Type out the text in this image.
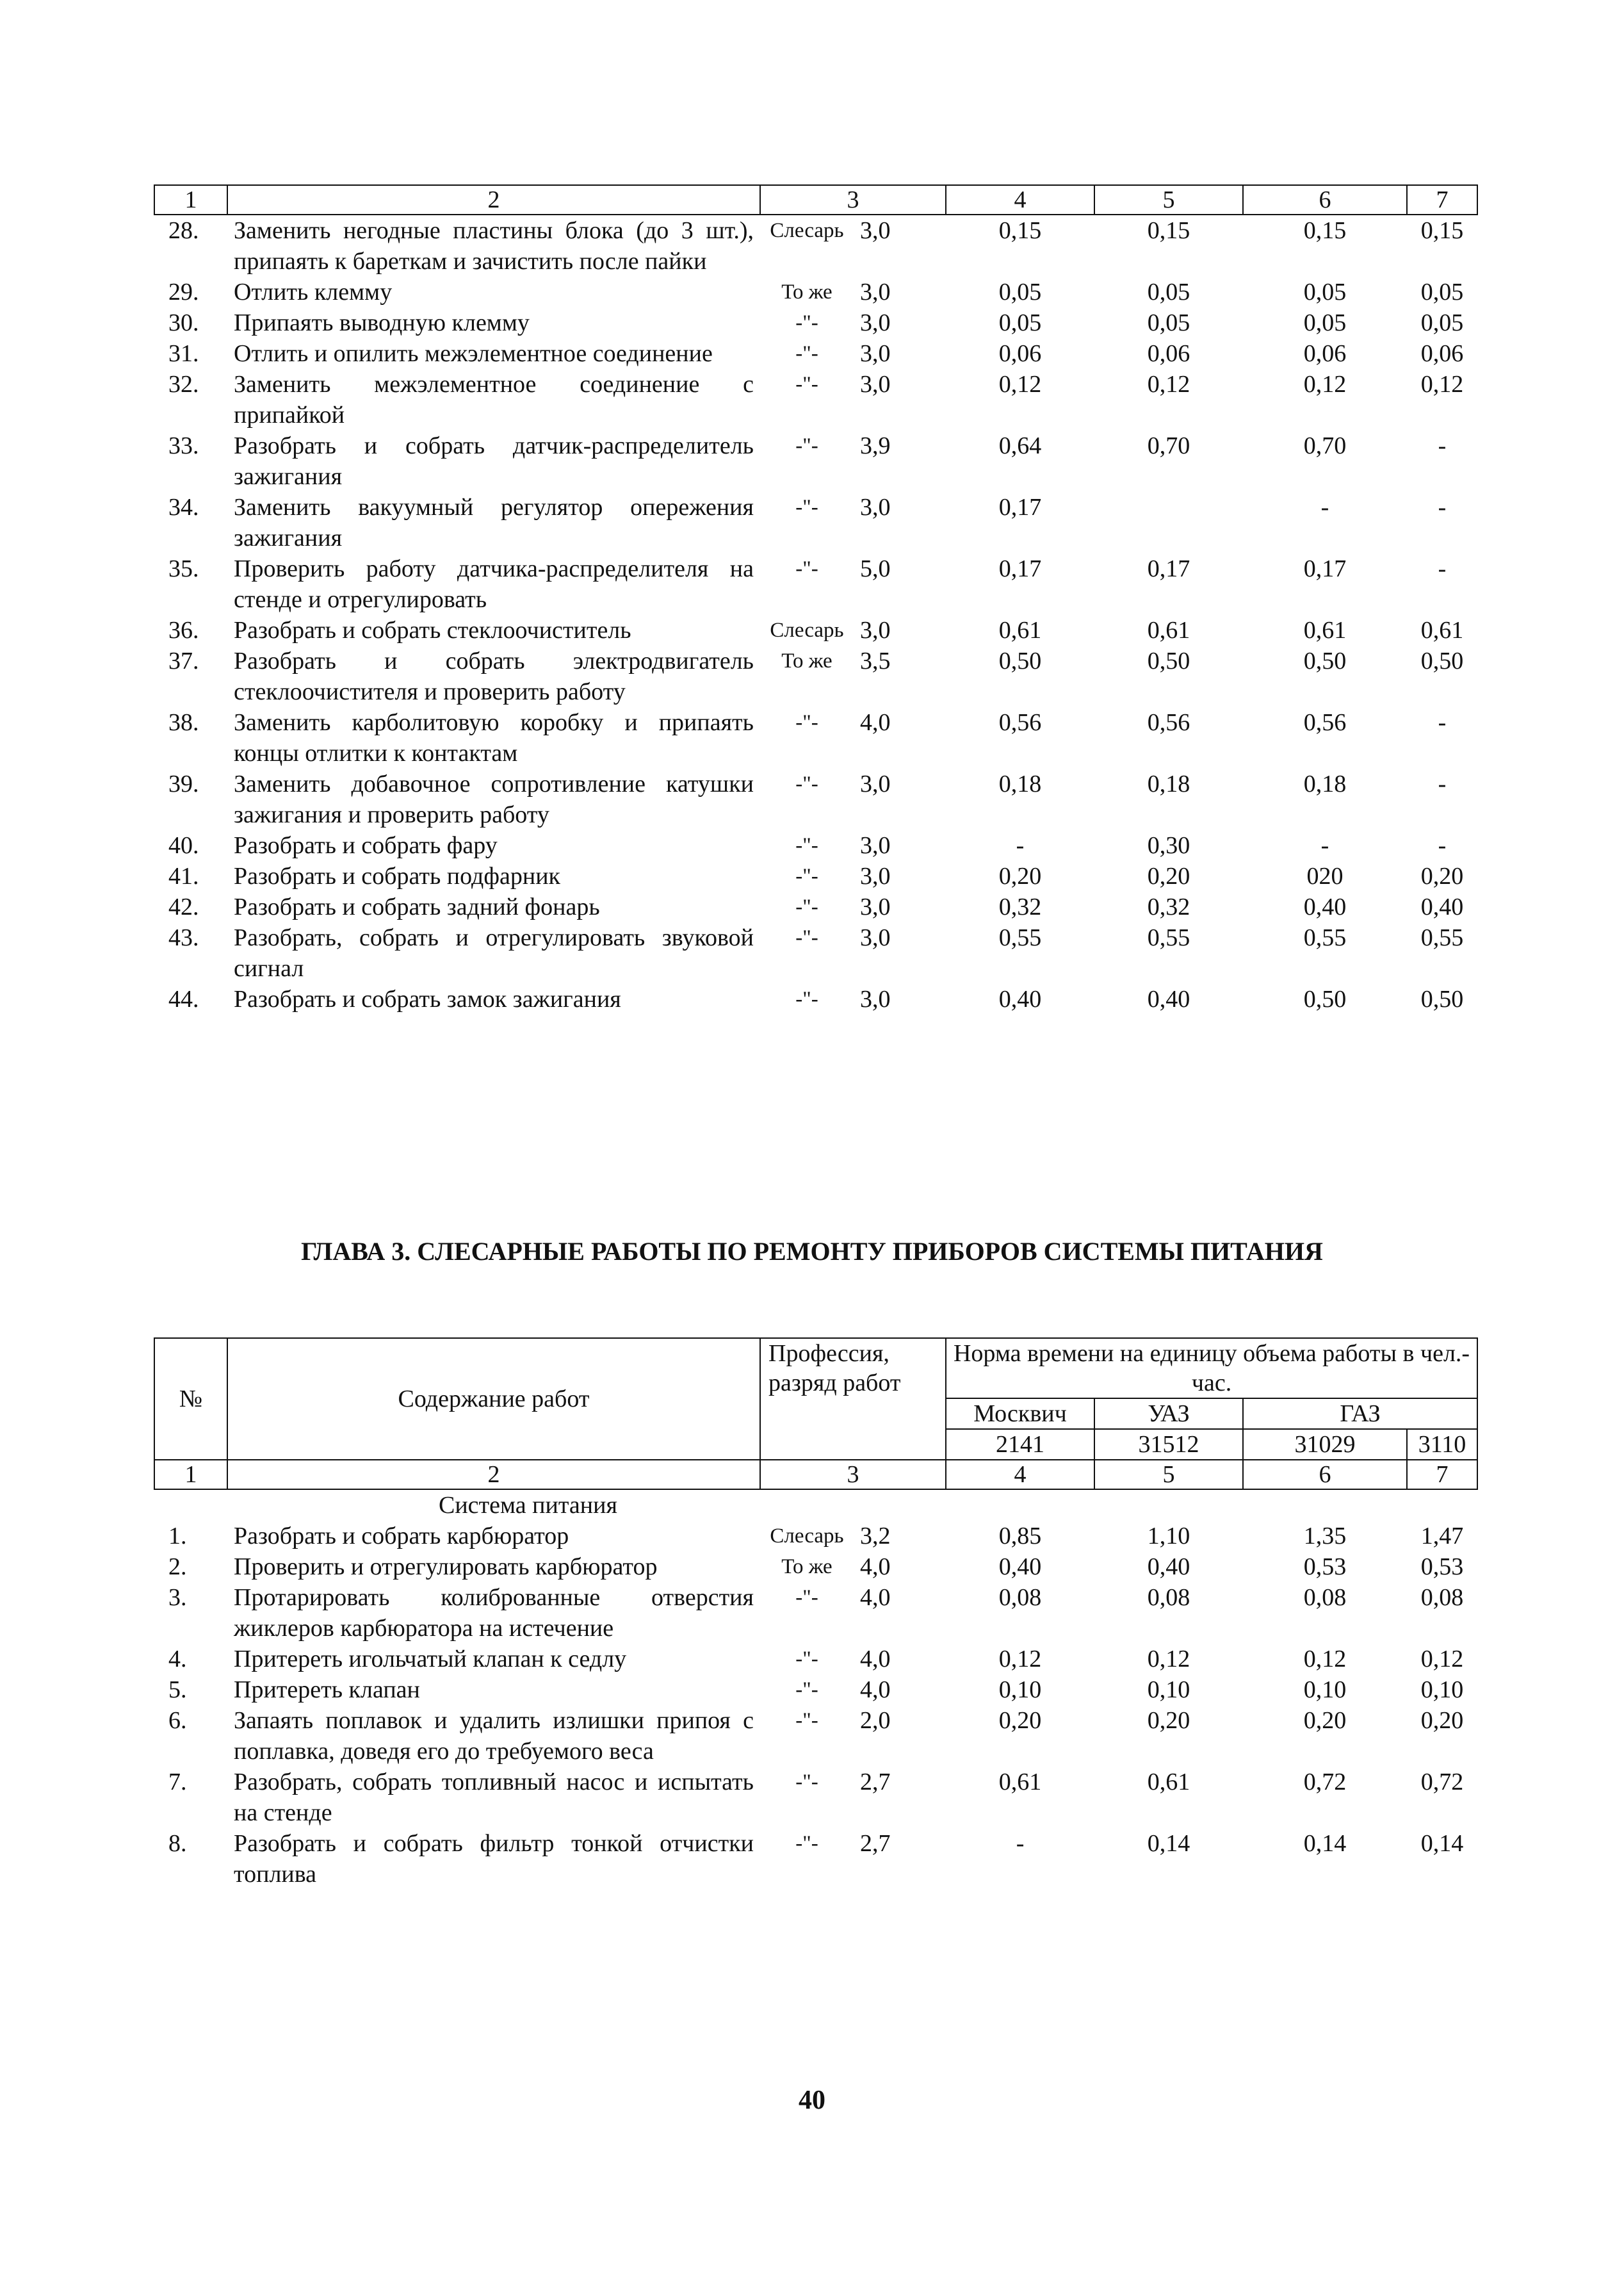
1	2	3		4	5	6	7
28.	Заменить негодные пластины блока (до 3 шт.), припаять к бареткам и зачистить после пайки	Слесарь	3,0	0,15	0,15	0,15	0,15
29.	Отлить клемму	То же	3,0	0,05	0,05	0,05	0,05
30.	Припаять выводную клемму	-"-	3,0	0,05	0,05	0,05	0,05
31.	Отлить и опилить межэлементное соединение	-"-	3,0	0,06	0,06	0,06	0,06
32.	Заменить межэлементное соединение с припайкой	-"-	3,0	0,12	0,12	0,12	0,12
33.	Разобрать и собрать датчик-распределитель зажигания	-"-	3,9	0,64	0,70	0,70	-
34.	Заменить вакуумный регулятор опережения зажигания	-"-	3,0	0,17		-	-
35.	Проверить работу датчика-распределителя на стенде и отрегулировать	-"-	5,0	0,17	0,17	0,17	-
36.	Разобрать и собрать стеклоочиститель	Слесарь	3,0	0,61	0,61	0,61	0,61
37.	Разобрать и собрать электродвигатель стеклоочистителя и проверить работу	То же	3,5	0,50	0,50	0,50	0,50
38.	Заменить карболитовую коробку и припаять концы отлитки к контактам	-"-	4,0	0,56	0,56	0,56	-
39.	Заменить добавочное сопротивление катушки зажигания и проверить работу	-"-	3,0	0,18	0,18	0,18	-
40.	Разобрать и собрать фару	-"-	3,0	-	0,30	-	-
41.	Разобрать и собрать подфарник	-"-	3,0	0,20	0,20	020	0,20
42.	Разобрать и собрать задний фонарь	-"-	3,0	0,32	0,32	0,40	0,40
43.	Разобрать, собрать и отрегулировать звуковой сигнал	-"-	3,0	0,55	0,55	0,55	0,55
44.	Разобрать и собрать замок зажигания	-"-	3,0	0,40	0,40	0,50	0,50
ГЛАВА 3. СЛЕСАРНЫЕ РАБОТЫ ПО РЕМОНТУ ПРИБОРОВ СИСТЕМЫ ПИТАНИЯ
№	Содержание работ	Профессия, разряд работ		Норма времени на единицу объема работы в чел.-час.			
				Москвич	УАЗ	ГАЗ	
				2141	31512	31029	3110
1	2	3		4	5	6	7
	Система питания						
1.	Разобрать и собрать карбюратор	Слесарь	3,2	0,85	1,10	1,35	1,47
2.	Проверить и отрегулировать карбюратор	То же	4,0	0,40	0,40	0,53	0,53
3.	Протарировать колиброванные отверстия жиклеров карбюратора на истечение	-"-	4,0	0,08	0,08	0,08	0,08
4.	Притереть игольчатый клапан к седлу	-"-	4,0	0,12	0,12	0,12	0,12
5.	Притереть клапан	-"-	4,0	0,10	0,10	0,10	0,10
6.	Запаять поплавок и удалить излишки припоя с поплавка, доведя его до требуемого веса	-"-	2,0	0,20	0,20	0,20	0,20
7.	Разобрать, собрать топливный насос и испытать на стенде	-"-	2,7	0,61	0,61	0,72	0,72
8.	Разобрать и собрать фильтр тонкой отчистки топлива	-"-	2,7	-	0,14	0,14	0,14
40
